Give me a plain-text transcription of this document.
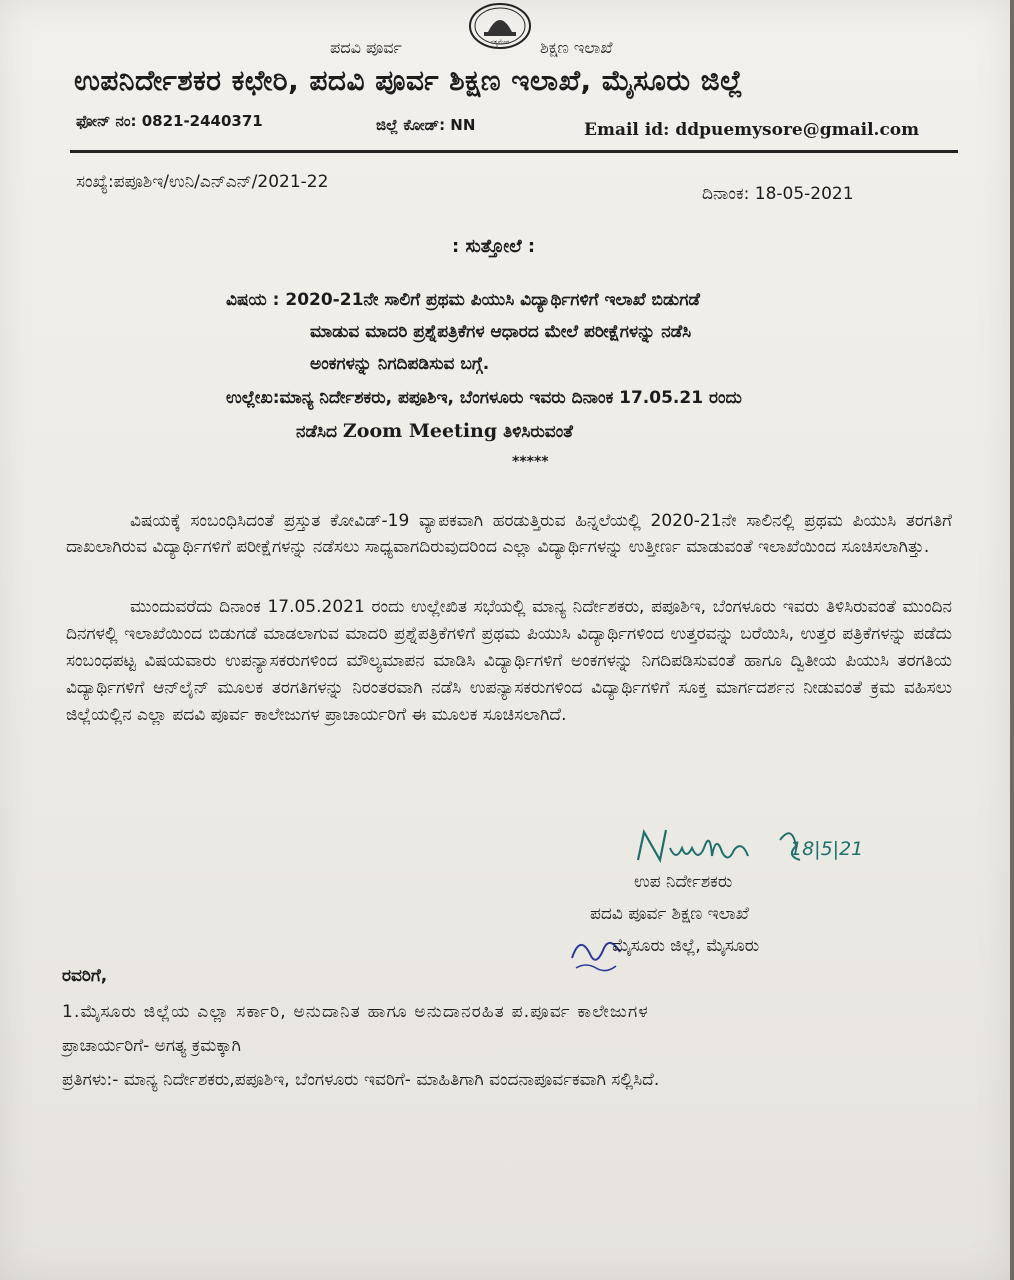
ಸತ್ಯಮೇವ
ಪದವಿ ಪೂರ್ವ	ಶಿಕ್ಷಣ ಇಲಾಖೆ
ಉಪನಿರ್ದೇಶಕರ ಕಛೇರಿ, ಪದವಿ ಪೂರ್ವ ಶಿಕ್ಷಣ ಇಲಾಖೆ, ಮೈಸೂರು ಜಿಲ್ಲೆ
ಫೋನ್ ನಂ: 0821-2440371	ಜಿಲ್ಲೆ ಕೋಡ್: NN	Email id: ddpuemysore@gmail.com
ಸಂಖ್ಯೆ:ಪಪೂಶಿಇ/ಉನಿ/ಎನ್‌ಎನ್/2021-22
ದಿನಾಂಕ: 18-05-2021
: ಸುತ್ತೋಲೆ :
ವಿಷಯ : 2020-21ನೇ ಸಾಲಿಗೆ ಪ್ರಥಮ ಪಿಯುಸಿ ವಿದ್ಯಾರ್ಥಿಗಳಿಗೆ ಇಲಾಖೆ ಬಿಡುಗಡೆ
ಮಾಡುವ ಮಾದರಿ ಪ್ರಶ್ನೆಪತ್ರಿಕೆಗಳ ಆಧಾರದ ಮೇಲೆ ಪರೀಕ್ಷೆಗಳನ್ನು ನಡೆಸಿ
ಅಂಕಗಳನ್ನು ನಿಗದಿಪಡಿಸುವ ಬಗ್ಗೆ.
ಉಲ್ಲೇಖ:ಮಾನ್ಯ ನಿರ್ದೇಶಕರು, ಪಪೂಶಿಇ, ಬೆಂಗಳೂರು ಇವರು ದಿನಾಂಕ 17.05.21 ರಂದು
ನಡೆಸಿದ Zoom Meeting ತಿಳಿಸಿರುವಂತೆ
*****
ವಿಷಯಕ್ಕೆ ಸಂಬಂಧಿಸಿದಂತೆ ಪ್ರಸ್ತುತ ಕೋವಿಡ್-19 ವ್ಯಾಪಕವಾಗಿ ಹರಡುತ್ತಿರುವ ಹಿನ್ನಲೆಯಲ್ಲಿ 2020-21ನೇ ಸಾಲಿನಲ್ಲಿ ಪ್ರಥಮ ಪಿಯುಸಿ ತರಗತಿಗೆ ದಾಖಲಾಗಿರುವ ವಿದ್ಯಾರ್ಥಿಗಳಿಗೆ ಪರೀಕ್ಷೆಗಳನ್ನು ನಡೆಸಲು ಸಾಧ್ಯವಾಗದಿರುವುದರಿಂದ ಎಲ್ಲಾ ವಿದ್ಯಾರ್ಥಿಗಳನ್ನು ಉತ್ತೀರ್ಣ ಮಾಡುವಂತೆ ಇಲಾಖೆಯಿಂದ ಸೂಚಿಸಲಾಗಿತ್ತು.
ಮುಂದುವರೆದು ದಿನಾಂಕ 17.05.2021 ರಂದು ಉಲ್ಲೇಖಿತ ಸಭೆಯಲ್ಲಿ ಮಾನ್ಯ ನಿರ್ದೇಶಕರು, ಪಪೂಶಿಇ, ಬೆಂಗಳೂರು ಇವರು ತಿಳಿಸಿರುವಂತೆ ಮುಂದಿನ ದಿನಗಳಲ್ಲಿ ಇಲಾಖೆಯಿಂದ ಬಿಡುಗಡೆ ಮಾಡಲಾಗುವ ಮಾದರಿ ಪ್ರಶ್ನೆಪತ್ರಿಕೆಗಳಿಗೆ ಪ್ರಥಮ ಪಿಯುಸಿ ವಿದ್ಯಾರ್ಥಿಗಳಿಂದ ಉತ್ತರವನ್ನು ಬರೆಯಿಸಿ, ಉತ್ತರ ಪತ್ರಿಕೆಗಳನ್ನು ಪಡೆದು ಸಂಬಂಧಪಟ್ಟ ವಿಷಯವಾರು ಉಪನ್ಯಾಸಕರುಗಳಿಂದ ಮೌಲ್ಯಮಾಪನ ಮಾಡಿಸಿ ವಿದ್ಯಾರ್ಥಿಗಳಿಗೆ ಅಂಕಗಳನ್ನು ನಿಗದಿಪಡಿಸುವಂತೆ ಹಾಗೂ ದ್ವಿತೀಯ ಪಿಯುಸಿ ತರಗತಿಯ ವಿದ್ಯಾರ್ಥಿಗಳಿಗೆ ಆನ್‌ಲೈನ್ ಮೂಲಕ ತರಗತಿಗಳನ್ನು ನಿರಂತರವಾಗಿ ನಡೆಸಿ ಉಪನ್ಯಾಸಕರುಗಳಿಂದ ವಿದ್ಯಾರ್ಥಿಗಳಿಗೆ ಸೂಕ್ತ ಮಾರ್ಗದರ್ಶನ ನೀಡುವಂತೆ ಕ್ರಮ ವಹಿಸಲು ಜಿಲ್ಲೆಯಲ್ಲಿನ ಎಲ್ಲಾ ಪದವಿ ಪೂರ್ವ ಕಾಲೇಜುಗಳ ಪ್ರಾಚಾರ್ಯರಿಗೆ ಈ ಮೂಲಕ ಸೂಚಿಸಲಾಗಿದೆ.
18|5|21
ಉಪ ನಿರ್ದೇಶಕರು
ಪದವಿ ಪೂರ್ವ ಶಿಕ್ಷಣ ಇಲಾಖೆ
ಮೈಸೂರು ಜಿಲ್ಲೆ, ಮೈಸೂರು
ರವರಿಗೆ,
1.ಮೈಸೂರು ಜಿಲ್ಲೆಯ ಎಲ್ಲಾ ಸರ್ಕಾರಿ, ಅನುದಾನಿತ ಹಾಗೂ ಅನುದಾನರಹಿತ ಪ.ಪೂರ್ವ ಕಾಲೇಜುಗಳ
ಪ್ರಾಚಾರ್ಯರಿಗೆ- ಅಗತ್ಯ ಕ್ರಮಕ್ಕಾಗಿ
ಪ್ರತಿಗಳು:- ಮಾನ್ಯ ನಿರ್ದೇಶಕರು,ಪಪೂಶಿಇ, ಬೆಂಗಳೂರು ಇವರಿಗೆ- ಮಾಹಿತಿಗಾಗಿ ವಂದನಾಪೂರ್ವಕವಾಗಿ ಸಲ್ಲಿಸಿದೆ.
